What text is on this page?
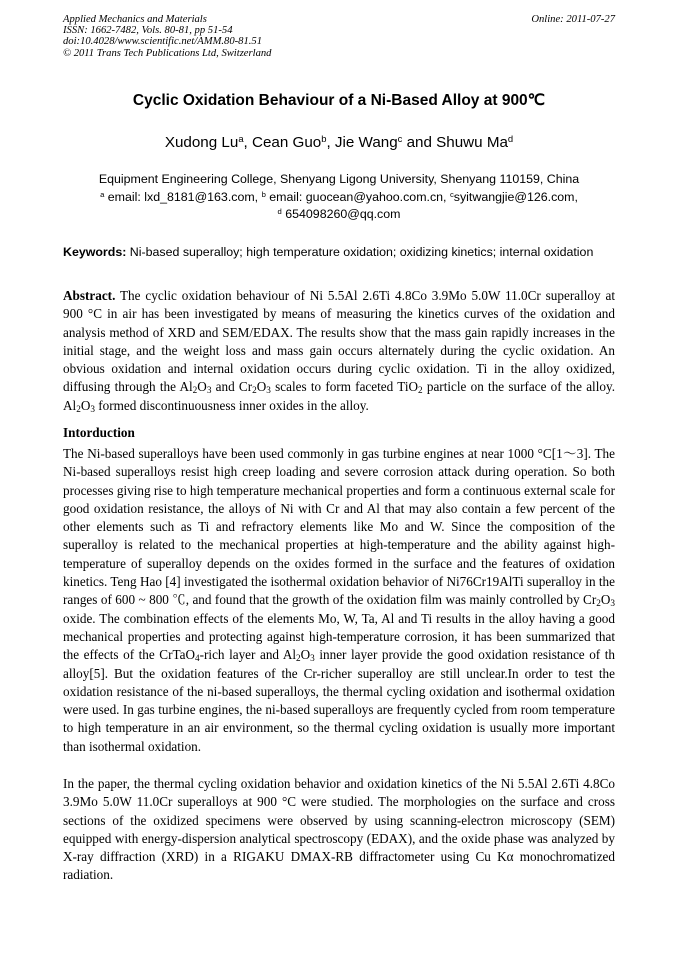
Applied Mechanics and Materials
ISSN: 1662-7482, Vols. 80-81, pp 51-54
doi:10.4028/www.scientific.net/AMM.80-81.51
© 2011 Trans Tech Publications Ltd, Switzerland
Online: 2011-07-27
Cyclic Oxidation Behaviour of a Ni-Based Alloy at 900℃
Xudong Lu$^a$, Cean Guo$^b$, Jie Wang$^c$ and Shuwu Ma$^d$
Equipment Engineering College, Shenyang Ligong University, Shenyang 110159, China
$^a$ email: lxd_8181@163.com, $^b$ email: guocean@yahoo.com.cn, $^c$syitwangjie@126.com,
$^d$ 654098260@qq.com
Keywords: Ni-based superalloy; high temperature oxidation; oxidizing kinetics; internal oxidation
Abstract. The cyclic oxidation behaviour of Ni 5.5Al 2.6Ti 4.8Co 3.9Mo 5.0W 11.0Cr superalloy at 900 °C in air has been investigated by means of measuring the kinetics curves of the oxidation and analysis method of XRD and SEM/EDAX. The results show that the mass gain rapidly increases in the initial stage, and the weight loss and mass gain occurs alternately during the cyclic oxidation. An obvious oxidation and internal oxidation occurs during cyclic oxidation. Ti in the alloy oxidized, diffusing through the $Al_2O_3$ and $Cr_2O_3$ scales to form faceted TiO$_2$ particle on the surface of the alloy. $Al_2O_3$ formed discontinuousness inner oxides in the alloy.
Intorduction
The Ni-based superalloys have been used commonly in gas turbine engines at near 1000 °C[1～3]. The Ni-based superalloys resist high creep loading and severe corrosion attack during operation. So both processes giving rise to high temperature mechanical properties and form a continuous external scale for good oxidation resistance, the alloys of Ni with Cr and Al that may also contain a few percent of the other elements such as Ti and refractory elements like Mo and W. Since the composition of the superalloy is related to the mechanical properties at high-temperature and the ability against high-temperature of superalloy depends on the oxides formed in the surface and the features of oxidation kinetics. Teng Hao [4] investigated the isothermal oxidation behavior of Ni76Cr19AlTi superalloy in the ranges of 600 ~ 800 ℃, and found that the growth of the oxidation film was mainly controlled by $Cr_2O_3$ oxide. The combination effects of the elements Mo, W, Ta, Al and Ti results in the alloy having a good mechanical properties and protecting against high-temperature corrosion, it has been summarized that the effects of the CrTaO$_4$-rich layer and $Al_2O_3$ inner layer provide the good oxidation resistance of th alloy[5]. But the oxidation features of the Cr-richer superalloy are still unclear.In order to test the oxidation resistance of the ni-based superalloys, the thermal cycling oxidation and isothermal oxidation were used. In gas turbine engines, the ni-based superalloys are frequently cycled from room temperature to high temperature in an air environment, so the thermal cycling oxidation is usually more important than isothermal oxidation.
In the paper, the thermal cycling oxidation behavior and oxidation kinetics of the Ni 5.5Al 2.6Ti 4.8Co 3.9Mo 5.0W 11.0Cr superalloys at 900 °C were studied. The morphologies on the surface and cross sections of the oxidized specimens were observed by using scanning-electron microscopy (SEM) equipped with energy-dispersion analytical spectroscopy (EDAX), and the oxide phase was analyzed by X-ray diffraction (XRD) in a RIGAKU DMAX-RB diffractometer using Cu Kα monochromatized radiation.
